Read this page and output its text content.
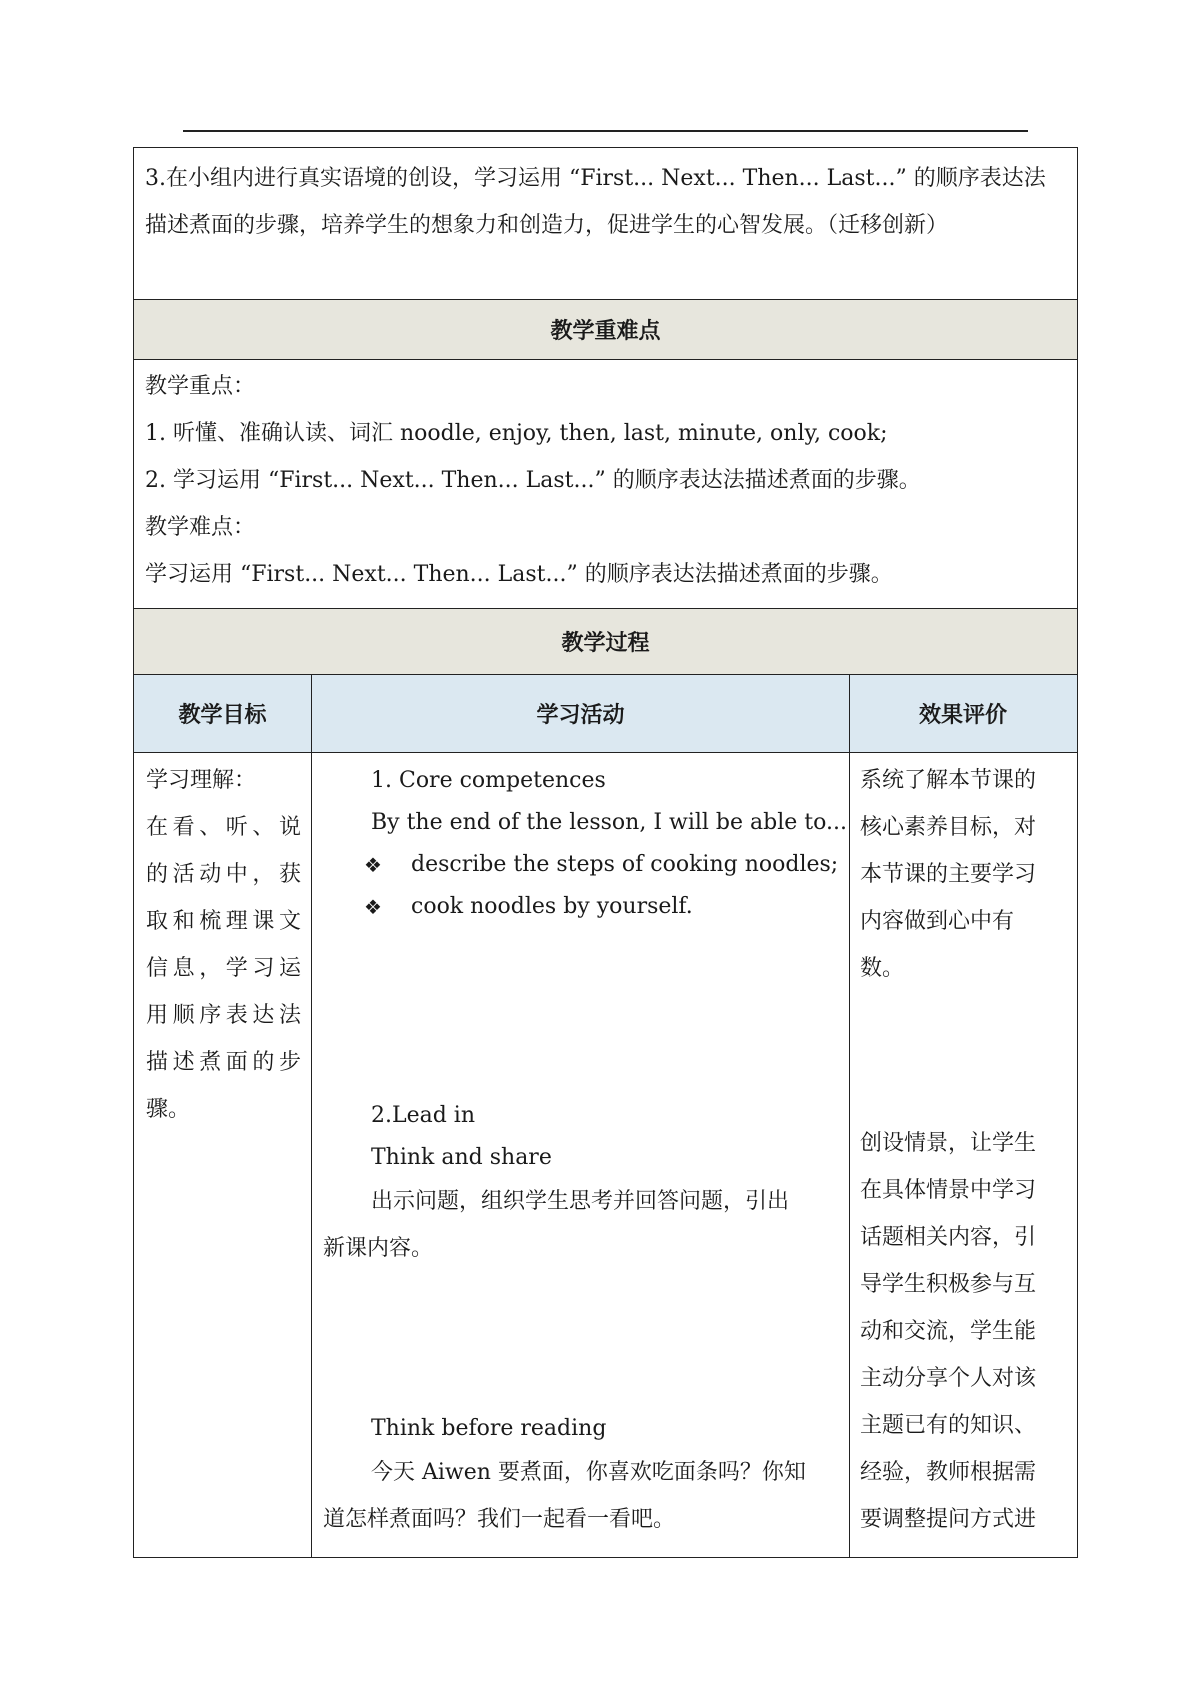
3.在小组内进行真实语境的创设，学习运用 “First... Next... Then... Last...” 的顺序表达法

描述煮面的步骤，培养学生的想象力和创造力，促进学生的心智发展。（迁移创新）

教学重难点

教学重点：

1. 听懂、准确认读、词汇 noodle, enjoy, then, last, minute, only, cook;

2. 学习运用 “First... Next... Then... Last...” 的顺序表达法描述煮面的步骤。

教学难点：

学习运用 “First... Next... Then... Last...” 的顺序表达法描述煮面的步骤。

教学过程
教学目标	学习活动	效果评价
学习理解：
在看、听、说
的活动中，获
取和梳理课文
信息，学习运
用顺序表达法
描述煮面的步
骤。
1. Core competences
By the end of the lesson, I will be able to...
❖ describe the steps of cooking noodles;
❖ cook noodles by yourself.
2.Lead in
Think and share
出示问题，组织学生思考并回答问题，引出
新课内容。
Think before reading
今天 Aiwen 要煮面，你喜欢吃面条吗？你知
道怎样煮面吗？我们一起看一看吧。
系统了解本节课的
核心素养目标，对
本节课的主要学习
内容做到心中有
数。
创设情景，让学生
在具体情景中学习
话题相关内容，引
导学生积极参与互
动和交流，学生能
主动分享个人对该
主题已有的知识、
经验，教师根据需
要调整提问方式进
